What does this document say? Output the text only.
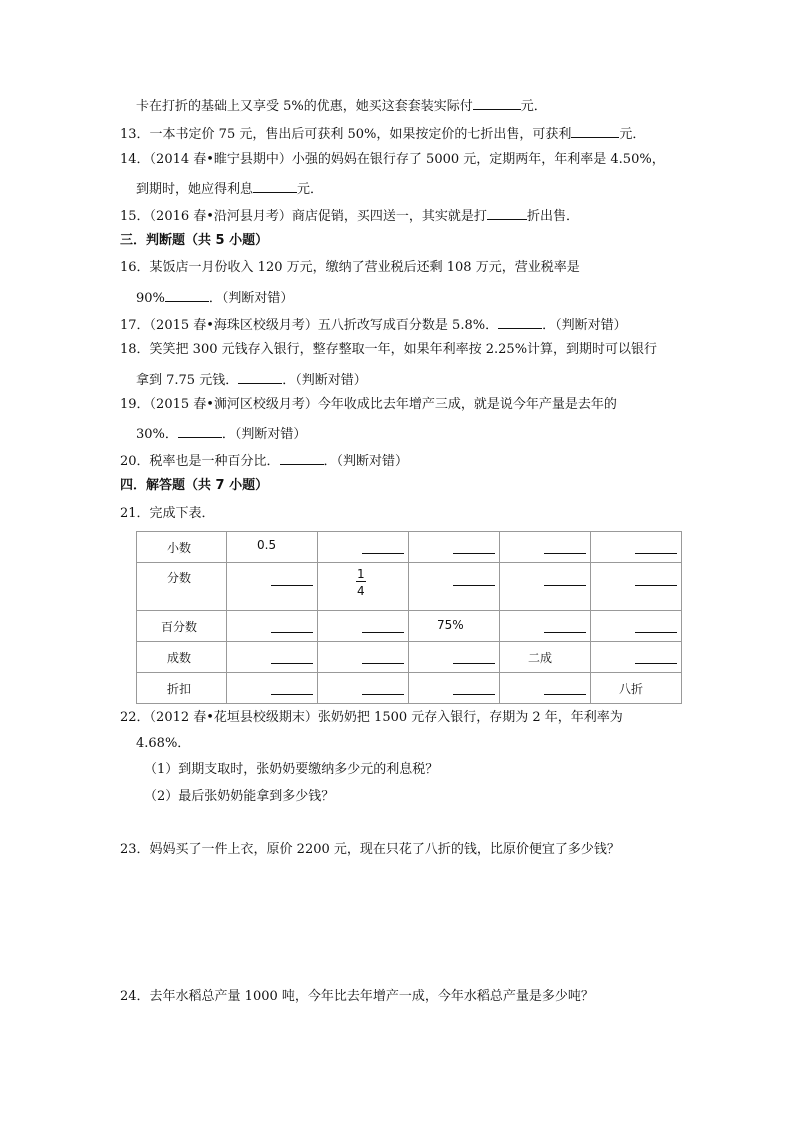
卡在打折的基础上又享受 5%的优惠，她买这套套装实际付	元．
13．一本书定价 75 元，售出后可获利 50%，如果按定价的七折出售，可获利	元．
14．（2014 春•睢宁县期中）小强的妈妈在银行存了 5000 元，定期两年，年利率是 4.50%，
到期时，她应得利息	元．
15．（2016 春•沿河县月考）商店促销，买四送一，其实就是打	折出售．
三．判断题（共 5 小题）
16．某饭店一月份收入 120 万元，缴纳了营业税后还剩 108 万元，营业税率是
90%	．（判断对错）
17．（2015 春•海珠区校级月考）五八折改写成百分数是 5.8%．	．（判断对错）
18．笑笑把 300 元钱存入银行，整存整取一年，如果年利率按 2.25%计算，到期时可以银行
拿到 7.75 元钱．	．（判断对错）
19．（2015 春•浉河区校级月考）今年收成比去年增产三成，就是说今年产量是去年的
30%．	．（判断对错）
20．税率也是一种百分比．	．（判断对错）
四．解答题（共 7 小题）
21．完成下表．
小数	0.5				

分数		$\frac{1}{4}$

百分数			75%		

成数				二成	

折扣					八折
22．（2012 春•花垣县校级期末）张奶奶把 1500 元存入银行，存期为 2 年，年利率为
4.68%．
（1）到期支取时，张奶奶要缴纳多少元的利息税？
（2）最后张奶奶能拿到多少钱？
23．妈妈买了一件上衣，原价 2200 元，现在只花了八折的钱，比原价便宜了多少钱？
24．去年水稻总产量 1000 吨，今年比去年增产一成，今年水稻总产量是多少吨？
